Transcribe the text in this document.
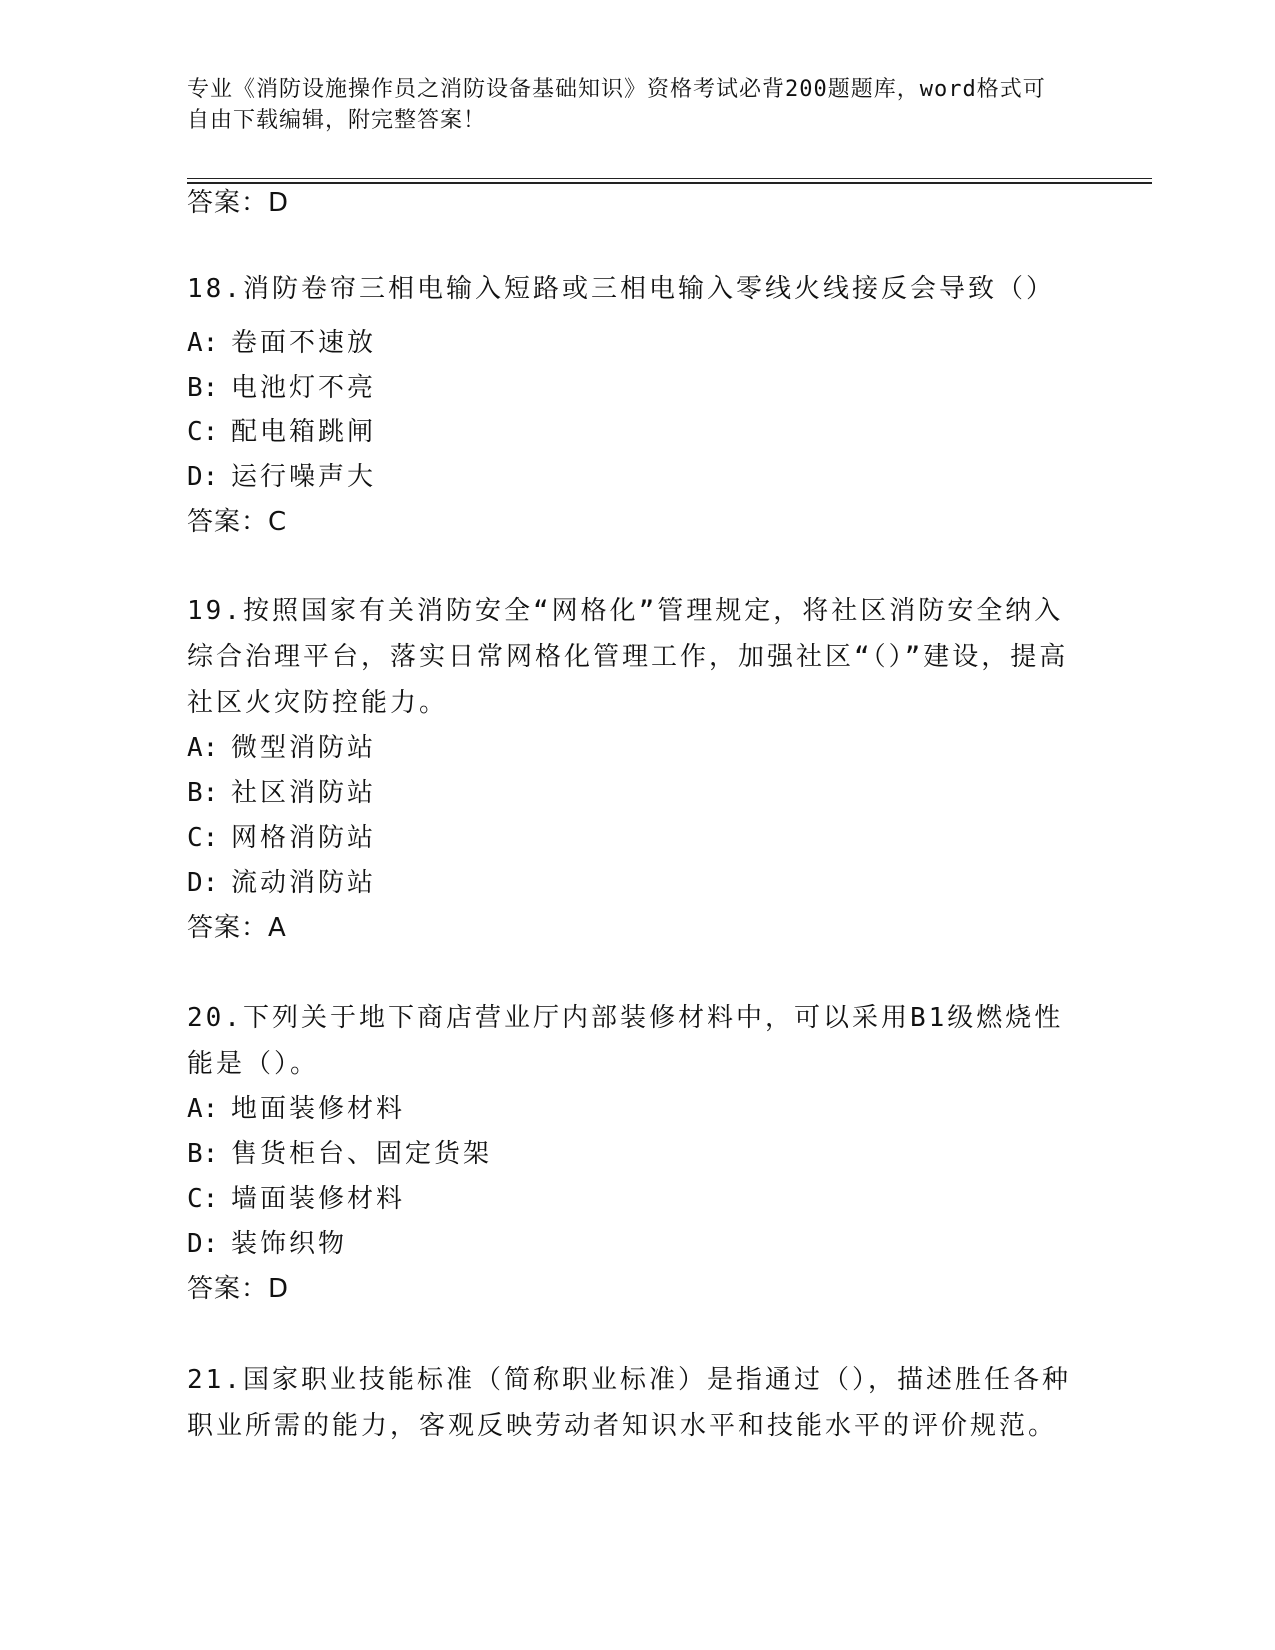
专业《消防设施操作员之消防设备基础知识》资格考试必背200题题库，word格式可自由下载编辑，附完整答案！
答案：D
18.消防卷帘三相电输入短路或三相电输入零线火线接反会导致（）
A: 卷面不速放
B: 电池灯不亮
C: 配电箱跳闸
D: 运行噪声大
答案：C
19.按照国家有关消防安全“网格化”管理规定，将社区消防安全纳入综合治理平台，落实日常网格化管理工作，加强社区“（）”建设，提高社区火灾防控能力。
A: 微型消防站
B: 社区消防站
C: 网格消防站
D: 流动消防站
答案：A
20.下列关于地下商店营业厅内部装修材料中，可以采用B1级燃烧性能是（）。
A: 地面装修材料
B: 售货柜台、固定货架
C: 墙面装修材料
D: 装饰织物
答案：D
21.国家职业技能标准（简称职业标准）是指通过（），描述胜任各种职业所需的能力，客观反映劳动者知识水平和技能水平的评价规范。
